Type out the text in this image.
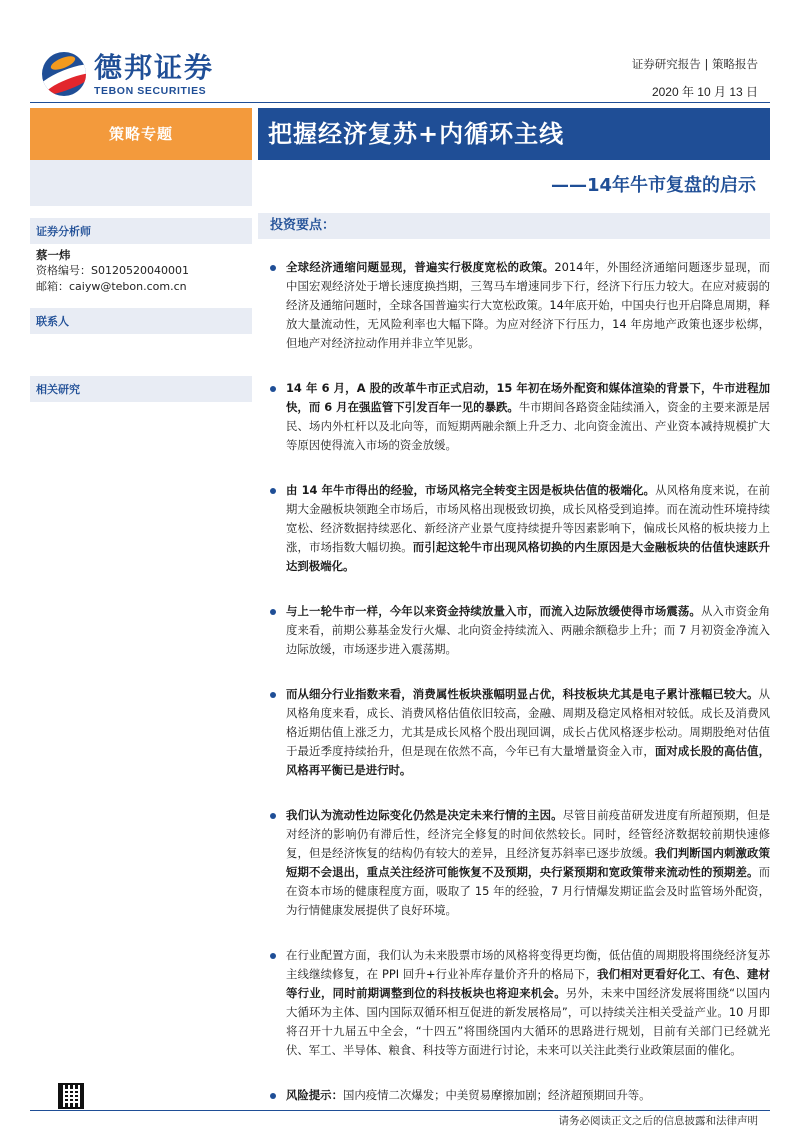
德邦证券
TEBON SECURITIES
证券研究报告 | 策略报告
2020 年 10 月 13 日
策略专题
证券分析师
蔡一炜
资格编号：S0120520040001
邮箱：caiyw@tebon.com.cn
联系人
相关研究
把握经济复苏+内循环主线
——14年牛市复盘的启示
投资要点：
全球经济通缩问题显现，普遍实行极度宽松的政策。2014年，外围经济通缩问题逐步显现，而中国宏观经济处于增长速度换挡期，三驾马车增速同步下行，经济下行压力较大。在应对疲弱的经济及通缩问题时，全球各国普遍实行大宽松政策。14年底开始，中国央行也开启降息周期，释放大量流动性，无风险利率也大幅下降。为应对经济下行压力，14 年房地产政策也逐步松绑，但地产对经济拉动作用并非立竿见影。
14 年 6 月，A 股的改革牛市正式启动，15 年初在场外配资和媒体渲染的背景下，牛市进程加快，而 6 月在强监管下引发百年一见的暴跌。牛市期间各路资金陆续涌入，资金的主要来源是居民、场内外杠杆以及北向等，而短期两融余额上升乏力、北向资金流出、产业资本减持规模扩大等原因使得流入市场的资金放缓。
由 14 年牛市得出的经验，市场风格完全转变主因是板块估值的极端化。从风格角度来说，在前期大金融板块领跑全市场后，市场风格出现极致切换，成长风格受到追捧。而在流动性环境持续宽松、经济数据持续恶化、新经济产业景气度持续提升等因素影响下，偏成长风格的板块接力上涨，市场指数大幅切换。而引起这轮牛市出现风格切换的内生原因是大金融板块的估值快速跃升达到极端化。
与上一轮牛市一样，今年以来资金持续放量入市，而流入边际放缓使得市场震荡。从入市资金角度来看，前期公募基金发行火爆、北向资金持续流入、两融余额稳步上升；而 7 月初资金净流入边际放缓，市场逐步进入震荡期。
而从细分行业指数来看，消费属性板块涨幅明显占优，科技板块尤其是电子累计涨幅已较大。从风格角度来看，成长、消费风格估值依旧较高，金融、周期及稳定风格相对较低。成长及消费风格近期估值上涨乏力，尤其是成长风格个股出现回调，成长占优风格逐步松动。周期股绝对估值于最近季度持续抬升，但是现在依然不高，今年已有大量增量资金入市，面对成长股的高估值，风格再平衡已是进行时。
我们认为流动性边际变化仍然是决定未来行情的主因。尽管目前疫苗研发进度有所超预期，但是对经济的影响仍有滞后性，经济完全修复的时间依然较长。同时，经管经济数据较前期快速修复，但是经济恢复的结构仍有较大的差异，且经济复苏斜率已逐步放缓。我们判断国内刺激政策短期不会退出，重点关注经济可能恢复不及预期，央行紧预期和宽政策带来流动性的预期差。而在资本市场的健康程度方面，吸取了 15 年的经验，7 月行情爆发期证监会及时监管场外配资，为行情健康发展提供了良好环境。
在行业配置方面，我们认为未来股票市场的风格将变得更均衡，低估值的周期股将围绕经济复苏主线继续修复，在 PPI 回升+行业补库存量价齐升的格局下，我们相对更看好化工、有色、建材等行业，同时前期调整到位的科技板块也将迎来机会。另外，未来中国经济发展将围绕“以国内大循环为主体、国内国际双循环相互促进的新发展格局”，可以持续关注相关受益产业。10 月即将召开十九届五中全会，“十四五”将围绕国内大循环的思路进行规划，目前有关部门已经就光伏、军工、半导体、粮食、科技等方面进行讨论，未来可以关注此类行业政策层面的催化。
风险提示：国内疫情二次爆发；中美贸易摩擦加剧；经济超预期回升等。
请务必阅读正文之后的信息披露和法律声明
